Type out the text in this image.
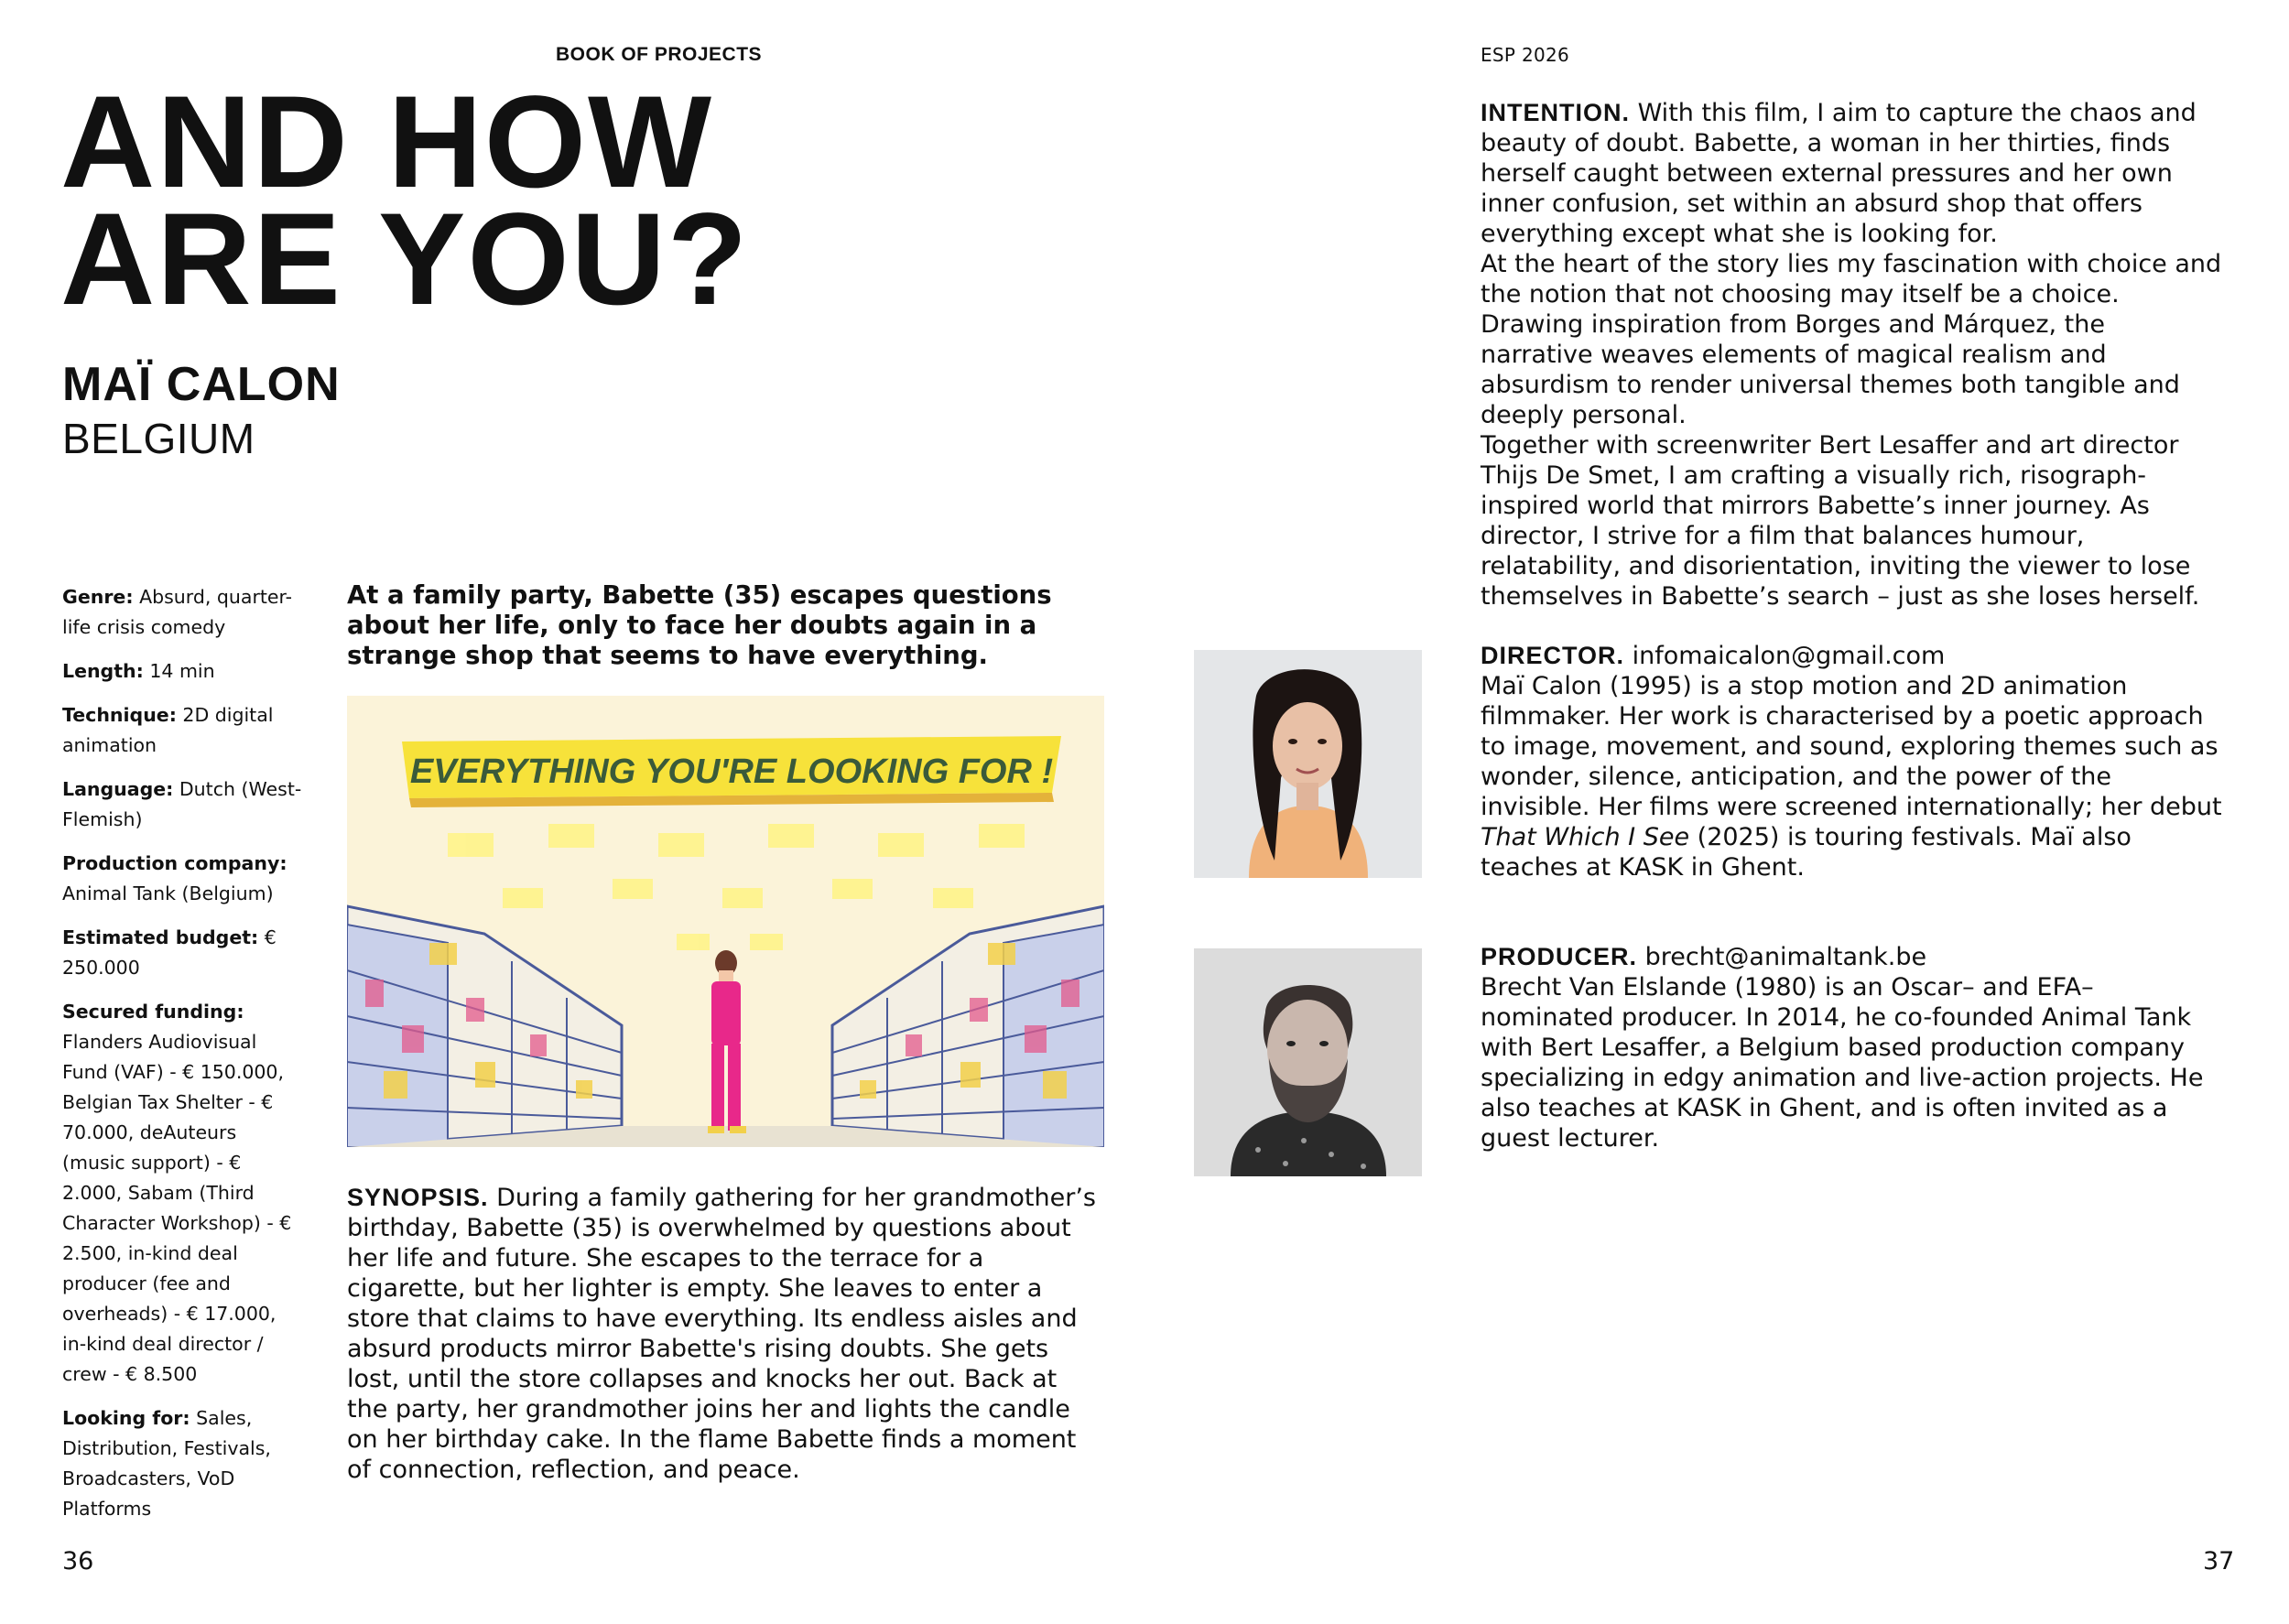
BOOK OF PROJECTS	ESP 2026
AND HOW
ARE YOU?
MAÏ CALON
BELGIUM
Genre: Absurd, quarter-life crisis comedy
Length: 14 min
Technique: 2D digital animation
Language: Dutch (West-Flemish)
Production company: Animal Tank (Belgium)
Estimated budget: € 250.000
Secured funding: Flanders Audiovisual Fund (VAF) - € 150.000, Belgian Tax Shelter - € 70.000, deAuteurs (music support) - € 2.000, Sabam (Third Character Workshop) - € 2.500, in-kind deal producer (fee and overheads) - € 17.000, in-kind deal director / crew - € 8.500
Looking for: Sales, Distribution, Festivals, Broadcasters, VoD Platforms

At a family party, Babette (35) escapes questions about her life, only to face her doubts again in a strange shop that seems to have everything.

EVERYTHING YOU'RE LOOKING FOR !

SYNOPSIS. During a family gathering for her grandmother’s birthday, Babette (35) is overwhelmed by questions about her life and future. She escapes to the terrace for a cigarette, but her lighter is empty. She leaves to enter a store that claims to have everything. Its endless aisles and absurd products mirror Babette's rising doubts. She gets lost, until the store collapses and knocks her out. Back at the party, her grandmother joins her and lights the candle on her birthday cake. In the flame Babette finds a moment of connection, reflection, and peace.

INTENTION. With this film, I aim to capture the chaos and beauty of doubt. Babette, a woman in her thirties, finds herself caught between external pressures and her own inner confusion, set within an absurd shop that offers everything except what she is looking for.

At the heart of the story lies my fascination with choice and the notion that not choosing may itself be a choice. Drawing inspiration from Borges and Márquez, the narrative weaves elements of magical realism and absurdism to render universal themes both tangible and deeply personal.

Together with screenwriter Bert Lesaffer and art director Thijs De Smet, I am crafting a visually rich, risograph-inspired world that mirrors Babette’s inner journey. As director, I strive for a film that balances humour, relatability, and disorientation, inviting the viewer to lose themselves in Babette’s search – just as she loses herself.

DIRECTOR. infomaicalon@gmail.com

Maï Calon (1995) is a stop motion and 2D animation filmmaker. Her work is characterised by a poetic approach to image, movement, and sound, exploring themes such as wonder, silence, anticipation, and the power of the invisible. Her films were screened internationally; her debut That Which I See (2025) is touring festivals. Maï also teaches at KASK in Ghent.

PRODUCER. brecht@animaltank.be

Brecht Van Elslande (1980) is an Oscar– and EFA–nominated producer. In 2014, he co-founded Animal Tank with Bert Lesaffer, a Belgium based production company specializing in edgy animation and live-action projects. He also teaches at KASK in Ghent, and is often invited as a guest lecturer.

36	37
